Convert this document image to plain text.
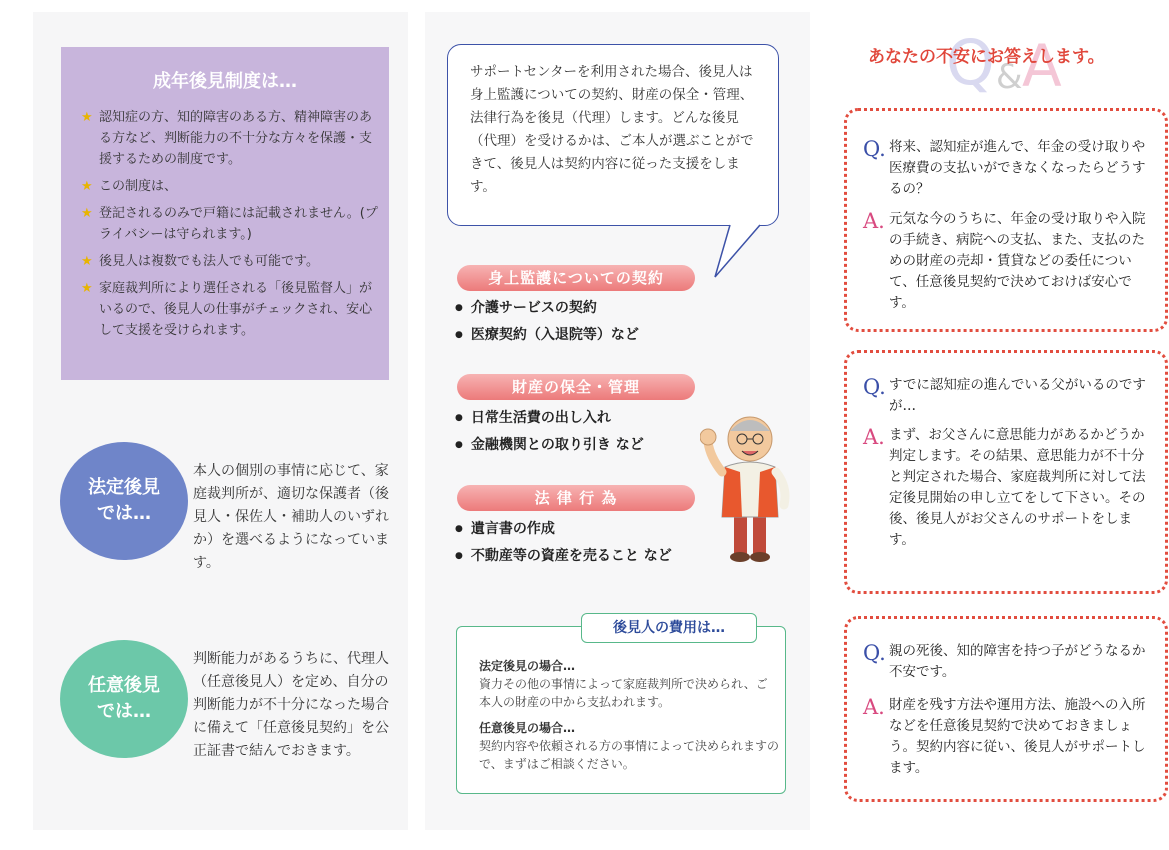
成年後見制度は…
★ 認知症の方、知的障害のある方、精神障害のある方など、判断能力の不十分な方々を保護・支援するための制度です。
★ この制度は、
★ 登記されるのみで戸籍には記載されません。(プライバシーは守られます。)
★ 後見人は複数でも法人でも可能です。
★ 家庭裁判所により選任される「後見監督人」がいるので、後見人の仕事がチェックされ、安心して支援を受けられます。
法定後見
では…
本人の個別の事情に応じて、家庭裁判所が、適切な保護者（後見人・保佐人・補助人のいずれか）を選べるようになっています。
任意後見
では…
判断能力があるうちに、代理人（任意後見人）を定め、自分の判断能力が不十分になった場合に備えて「任意後見契約」を公正証書で結んでおきます。
サポートセンターを利用された場合、後見人は身上監護についての契約、財産の保全・管理、法律行為を後見（代理）します。どんな後見（代理）を受けるかは、ご本人が選ぶことができて、後見人は契約内容に従った支援をします。
身上監護についての契約
● 介護サービスの契約
● 医療契約（入退院等）など
財産の保全・管理
● 日常生活費の出し入れ
● 金融機関との取り引き など
法 律 行 為
● 遺言書の作成
● 不動産等の資産を売ること など
後見人の費用は…
法定後見の場合…
資力その他の事情によって家庭裁判所で決められ、ご本人の財産の中から支払われます。
任意後見の場合…
契約内容や依頼される方の事情によって決められますので、まずはご相談ください。
Q & A
あなたの不安にお答えします。
Q. 将来、認知症が進んで、年金の受け取りや医療費の支払いができなくなったらどうするの？
A. 元気な今のうちに、年金の受け取りや入院の手続き、病院への支払、また、支払のための財産の売却・賃貸などの委任について、任意後見契約で決めておけば安心です。
Q. すでに認知症の進んでいる父がいるのですが…
A. まず、お父さんに意思能力があるかどうか判定します。その結果、意思能力が不十分と判定された場合、家庭裁判所に対して法定後見開始の申し立てをして下さい。その後、後見人がお父さんのサポートをします。
Q. 親の死後、知的障害を持つ子がどうなるか不安です。
A. 財産を残す方法や運用方法、施設への入所などを任意後見契約で決めておきましょう。契約内容に従い、後見人がサポートします。
